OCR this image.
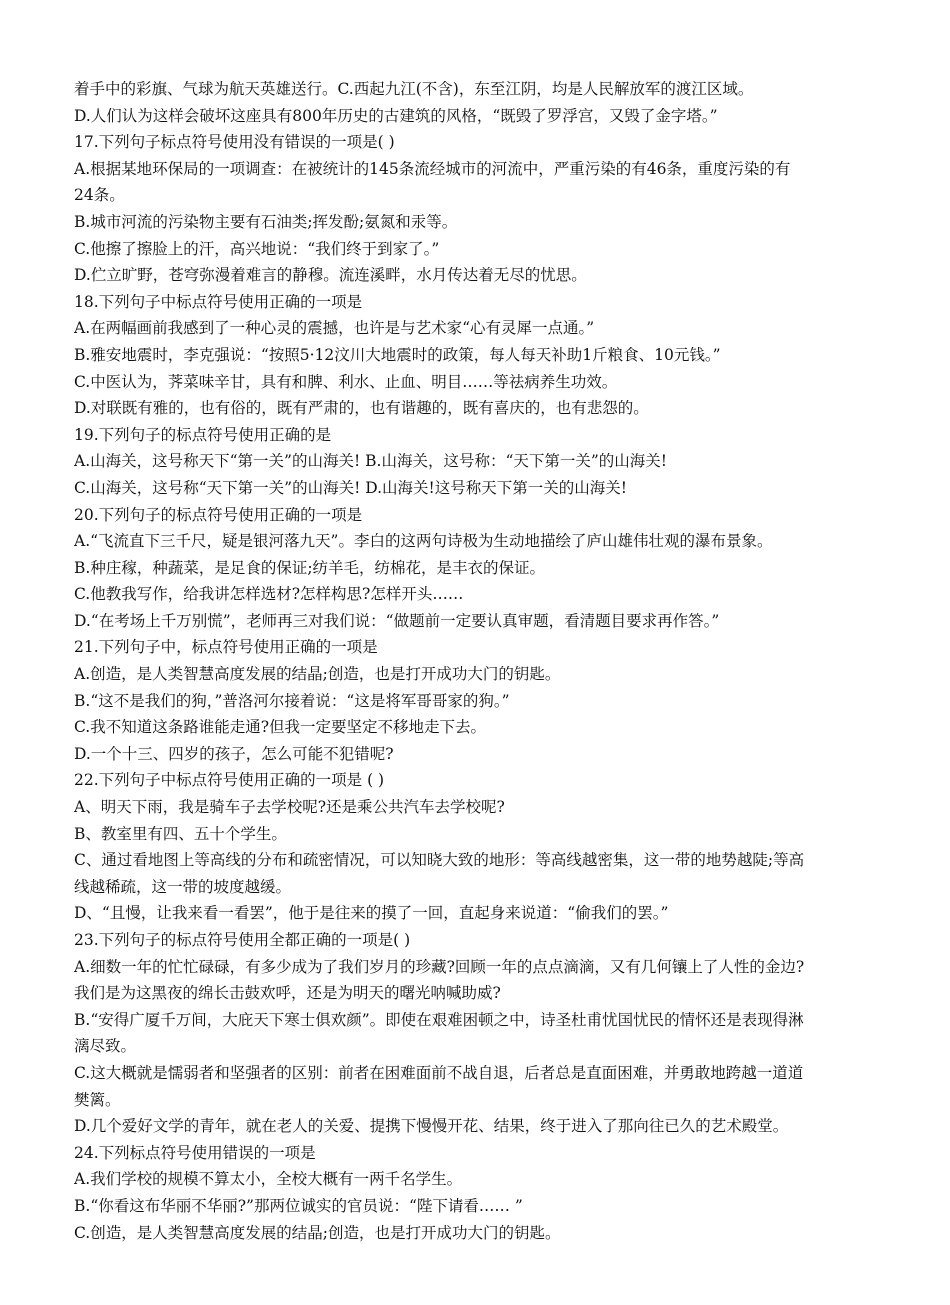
着手中的彩旗、气球为航天英雄送行。C.西起九江(不含)，东至江阴，均是人民解放军的渡江区域。
D.人们认为这样会破坏这座具有800年历史的古建筑的风格，“既毁了罗浮宫，又毁了金字塔。”
17.下列句子标点符号使用没有错误的一项是( )
A.根据某地环保局的一项调查：在被统计的145条流经城市的河流中，严重污染的有46条，重度污染的有
24条。
B.城市河流的污染物主要有石油类;挥发酚;氨氮和汞等。
C.他擦了擦脸上的汗，高兴地说：“我们终于到家了。”
D.伫立旷野，苍穹弥漫着难言的静穆。流连溪畔，水月传达着无尽的忧思。
18.下列句子中标点符号使用正确的一项是
A.在两幅画前我感到了一种心灵的震撼，也许是与艺术家“心有灵犀一点通。”
B.雅安地震时，李克强说：“按照5·12汶川大地震时的政策，每人每天补助1斤粮食、10元钱。”
C.中医认为，荠菜味辛甘，具有和脾、利水、止血、明目……等祛病养生功效。
D.对联既有雅的，也有俗的，既有严肃的，也有谐趣的，既有喜庆的，也有悲怨的。
19.下列句子的标点符号使用正确的是
A.山海关，这号称天下“第一关”的山海关! B.山海关，这号称：“天下第一关”的山海关!
C.山海关，这号称“天下第一关”的山海关! D.山海关!这号称天下第一关的山海关!
20.下列句子的标点符号使用正确的一项是
A.“飞流直下三千尺，疑是银河落九天”。李白的这两句诗极为生动地描绘了庐山雄伟壮观的瀑布景象。
B.种庄稼，种蔬菜，是足食的保证;纺羊毛，纺棉花，是丰衣的保证。
C.他教我写作，给我讲怎样选材?怎样构思?怎样开头……
D.“在考场上千万别慌”，老师再三对我们说：“做题前一定要认真审题，看清题目要求再作答。”
21.下列句子中，标点符号使用正确的一项是
A.创造，是人类智慧高度发展的结晶;创造，也是打开成功大门的钥匙。
B.“这不是我们的狗，”普洛河尔接着说：“这是将军哥哥家的狗。”
C.我不知道这条路谁能走通?但我一定要坚定不移地走下去。
D.一个十三、四岁的孩子，怎么可能不犯错呢?
22.下列句子中标点符号使用正确的一项是 ( )
A、明天下雨，我是骑车子去学校呢?还是乘公共汽车去学校呢?
B、教室里有四、五十个学生。
C、通过看地图上等高线的分布和疏密情况，可以知晓大致的地形：等高线越密集，这一带的地势越陡;等高
线越稀疏，这一带的坡度越缓。
D、“且慢，让我来看一看罢”，他于是往来的摸了一回，直起身来说道：“偷我们的罢。”
23.下列句子的标点符号使用全都正确的一项是( )
A.细数一年的忙忙碌碌，有多少成为了我们岁月的珍藏?回顾一年的点点滴滴，又有几何镶上了人性的金边?
我们是为这黑夜的绵长击鼓欢呼，还是为明天的曙光呐喊助威?
B.“安得广厦千万间，大庇天下寒士俱欢颜”。即使在艰难困顿之中，诗圣杜甫忧国忧民的情怀还是表现得淋
漓尽致。
C.这大概就是懦弱者和坚强者的区别：前者在困难面前不战自退，后者总是直面困难，并勇敢地跨越一道道
樊篱。
D.几个爱好文学的青年，就在老人的关爱、提携下慢慢开花、结果，终于进入了那向往已久的艺术殿堂。
24.下列标点符号使用错误的一项是
A.我们学校的规模不算太小，全校大概有一两千名学生。
B.“你看这布华丽不华丽?”那两位诚实的官员说：“陛下请看…… ”
C.创造，是人类智慧高度发展的结晶;创造，也是打开成功大门的钥匙。
